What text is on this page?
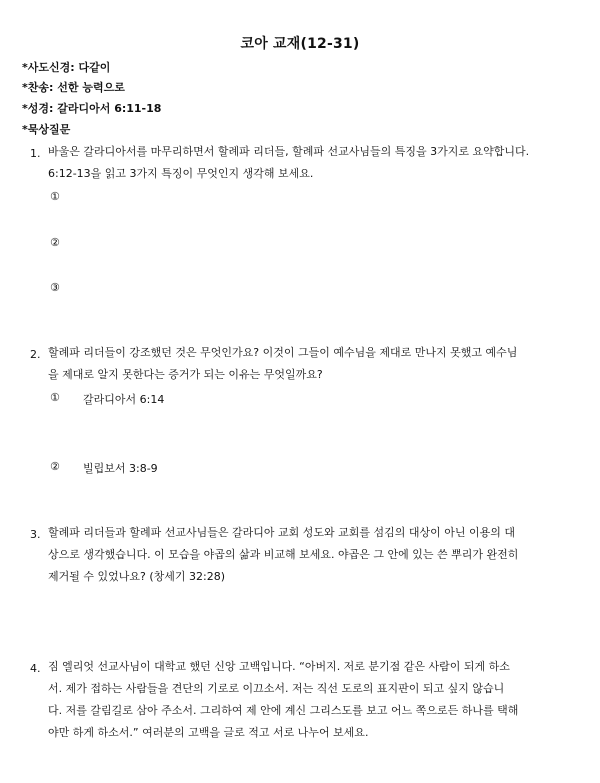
코아 교재(12-31)
*사도신경: 다같이
*찬송: 선한 능력으로
*성경: 갈라디아서 6:11-18
*묵상질문
1. 바울은 갈라디아서를 마무리하면서 할례파 리더들, 할례파 선교사님들의 특징을 3가지로 요약합니다.
6:12-13을 읽고 3가지 특징이 무엇인지 생각해 보세요.
①
②
③
2. 할례파 리더들이 강조했던 것은 무엇인가요? 이것이 그들이 예수님을 제대로 만나지 못했고 예수님
을 제대로 알지 못한다는 증거가 되는 이유는 무엇일까요?
① 갈라디아서 6:14
② 빌립보서 3:8-9
3. 할례파 리더들과 할례파 선교사님들은 갈라디아 교회 성도와 교회를 섬김의 대상이 아닌 이용의 대
상으로 생각했습니다. 이 모습을 야곱의 삶과 비교해 보세요. 야곱은 그 안에 있는 쓴 뿌리가 완전히
제거될 수 있었나요? (창세기 32:28)
4. 짐 엘리엇 선교사님이 대학교 했던 신앙 고백입니다. “아버지. 저로 분기점 같은 사람이 되게 하소
서. 제가 접하는 사람들을 견단의 기로로 이끄소서. 저는 직선 도로의 표지판이 되고 싶지 않습니
다. 저를 갈림길로 삼아 주소서. 그리하여 제 안에 계신 그리스도를 보고 어느 쪽으로든 하나를 택해
야만 하게 하소서.” 여러분의 고백을 글로 적고 서로 나누어 보세요.
